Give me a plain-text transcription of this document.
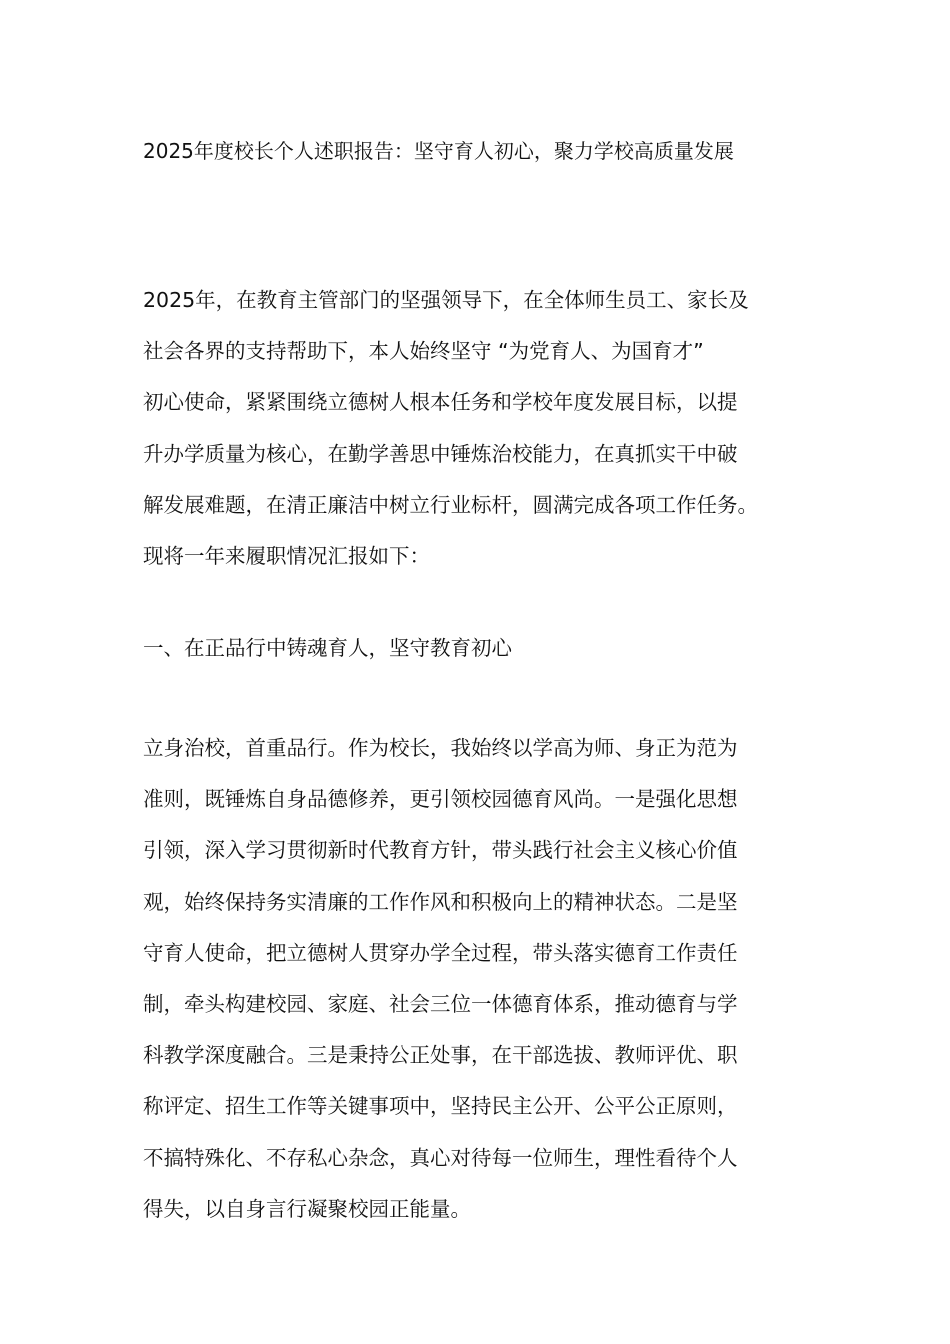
2025年度校长个人述职报告：坚守育人初心，聚力学校高质量发展
2025年，在教育主管部门的坚强领导下，在全体师生员工、家长及
社会各界的支持帮助下，本人始终坚守 “为党育人、为国育才”
初心使命，紧紧围绕立德树人根本任务和学校年度发展目标，以提
升办学质量为核心，在勤学善思中锤炼治校能力，在真抓实干中破
解发展难题，在清正廉洁中树立行业标杆，圆满完成各项工作任务。
现将一年来履职情况汇报如下：
一、在正品行中铸魂育人，坚守教育初心
立身治校，首重品行。作为校长，我始终以学高为师、身正为范为
准则，既锤炼自身品德修养，更引领校园德育风尚。一是强化思想
引领，深入学习贯彻新时代教育方针，带头践行社会主义核心价值
观，始终保持务实清廉的工作作风和积极向上的精神状态。二是坚
守育人使命，把立德树人贯穿办学全过程，带头落实德育工作责任
制，牵头构建校园、家庭、社会三位一体德育体系，推动德育与学
科教学深度融合。三是秉持公正处事，在干部选拔、教师评优、职
称评定、招生工作等关键事项中，坚持民主公开、公平公正原则，
不搞特殊化、不存私心杂念，真心对待每一位师生，理性看待个人
得失，以自身言行凝聚校园正能量。
